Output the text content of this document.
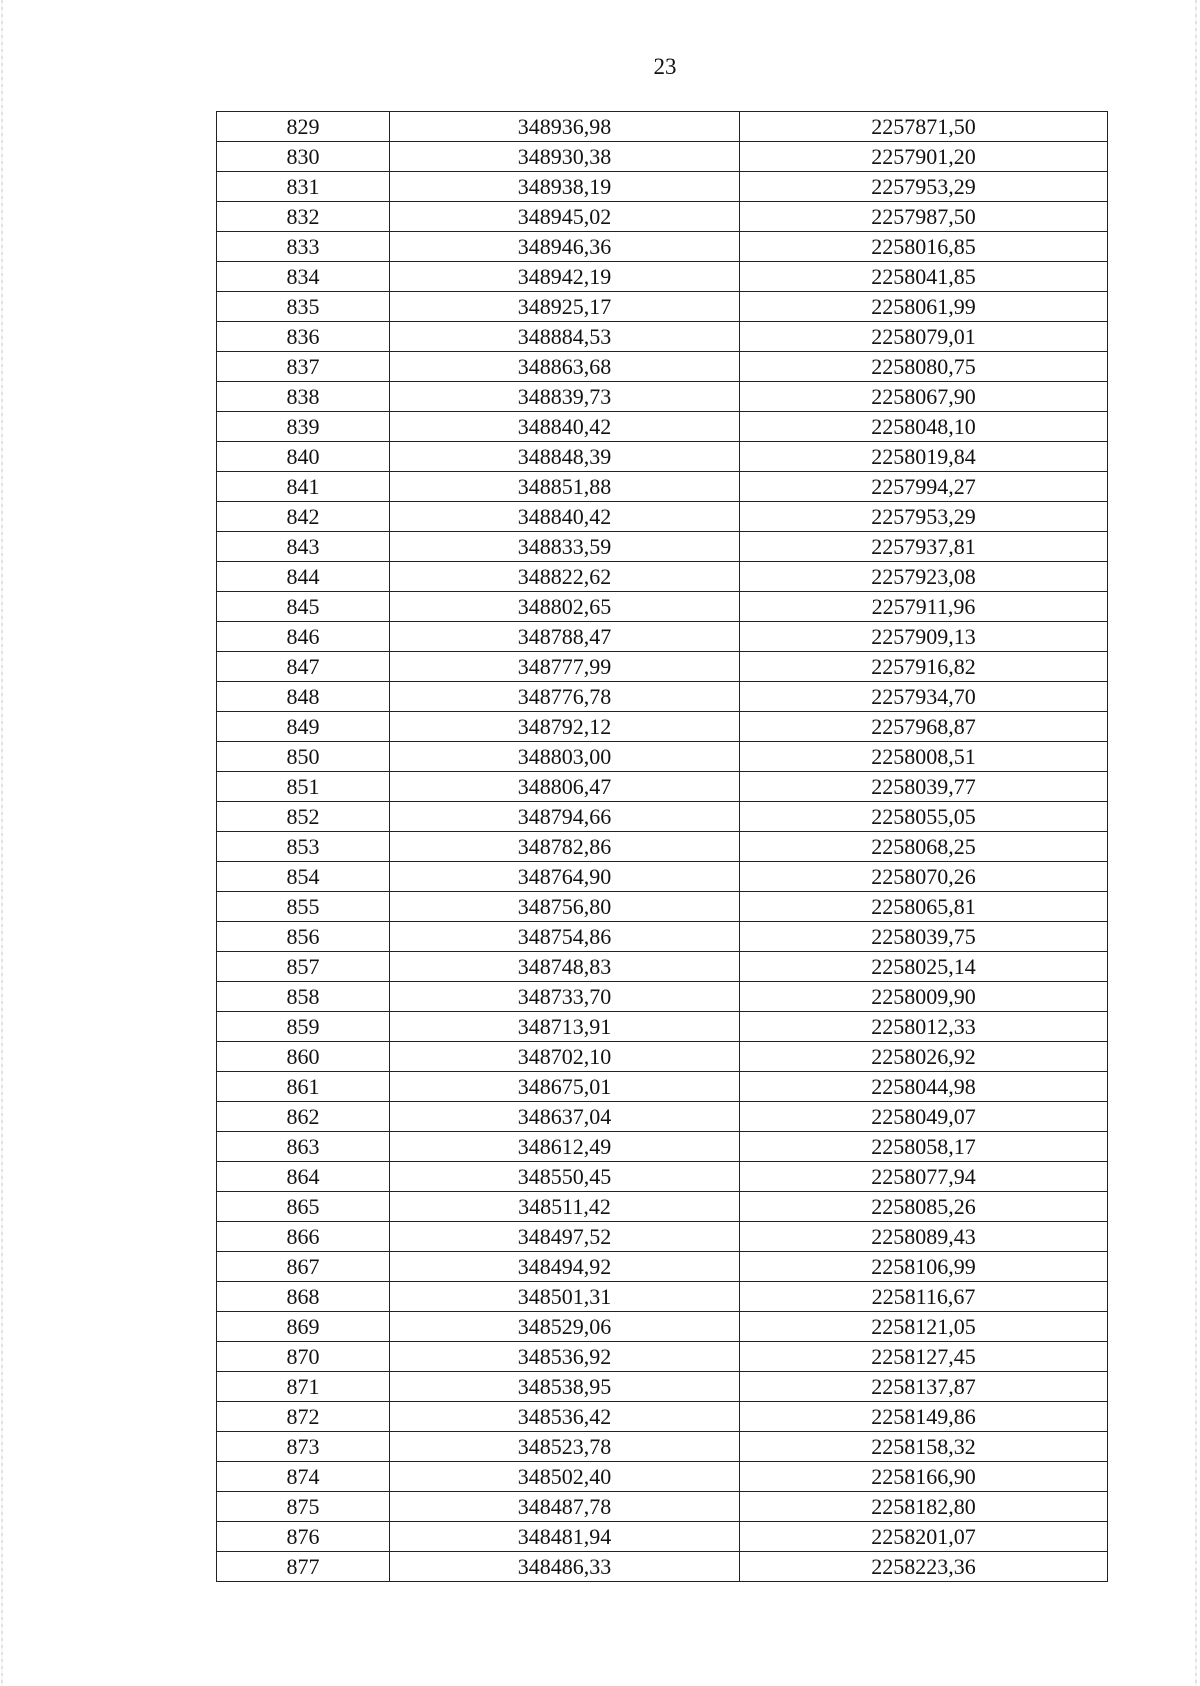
23
829	348936,98	2257871,50
830	348930,38	2257901,20
831	348938,19	2257953,29
832	348945,02	2257987,50
833	348946,36	2258016,85
834	348942,19	2258041,85
835	348925,17	2258061,99
836	348884,53	2258079,01
837	348863,68	2258080,75
838	348839,73	2258067,90
839	348840,42	2258048,10
840	348848,39	2258019,84
841	348851,88	2257994,27
842	348840,42	2257953,29
843	348833,59	2257937,81
844	348822,62	2257923,08
845	348802,65	2257911,96
846	348788,47	2257909,13
847	348777,99	2257916,82
848	348776,78	2257934,70
849	348792,12	2257968,87
850	348803,00	2258008,51
851	348806,47	2258039,77
852	348794,66	2258055,05
853	348782,86	2258068,25
854	348764,90	2258070,26
855	348756,80	2258065,81
856	348754,86	2258039,75
857	348748,83	2258025,14
858	348733,70	2258009,90
859	348713,91	2258012,33
860	348702,10	2258026,92
861	348675,01	2258044,98
862	348637,04	2258049,07
863	348612,49	2258058,17
864	348550,45	2258077,94
865	348511,42	2258085,26
866	348497,52	2258089,43
867	348494,92	2258106,99
868	348501,31	2258116,67
869	348529,06	2258121,05
870	348536,92	2258127,45
871	348538,95	2258137,87
872	348536,42	2258149,86
873	348523,78	2258158,32
874	348502,40	2258166,90
875	348487,78	2258182,80
876	348481,94	2258201,07
877	348486,33	2258223,36
